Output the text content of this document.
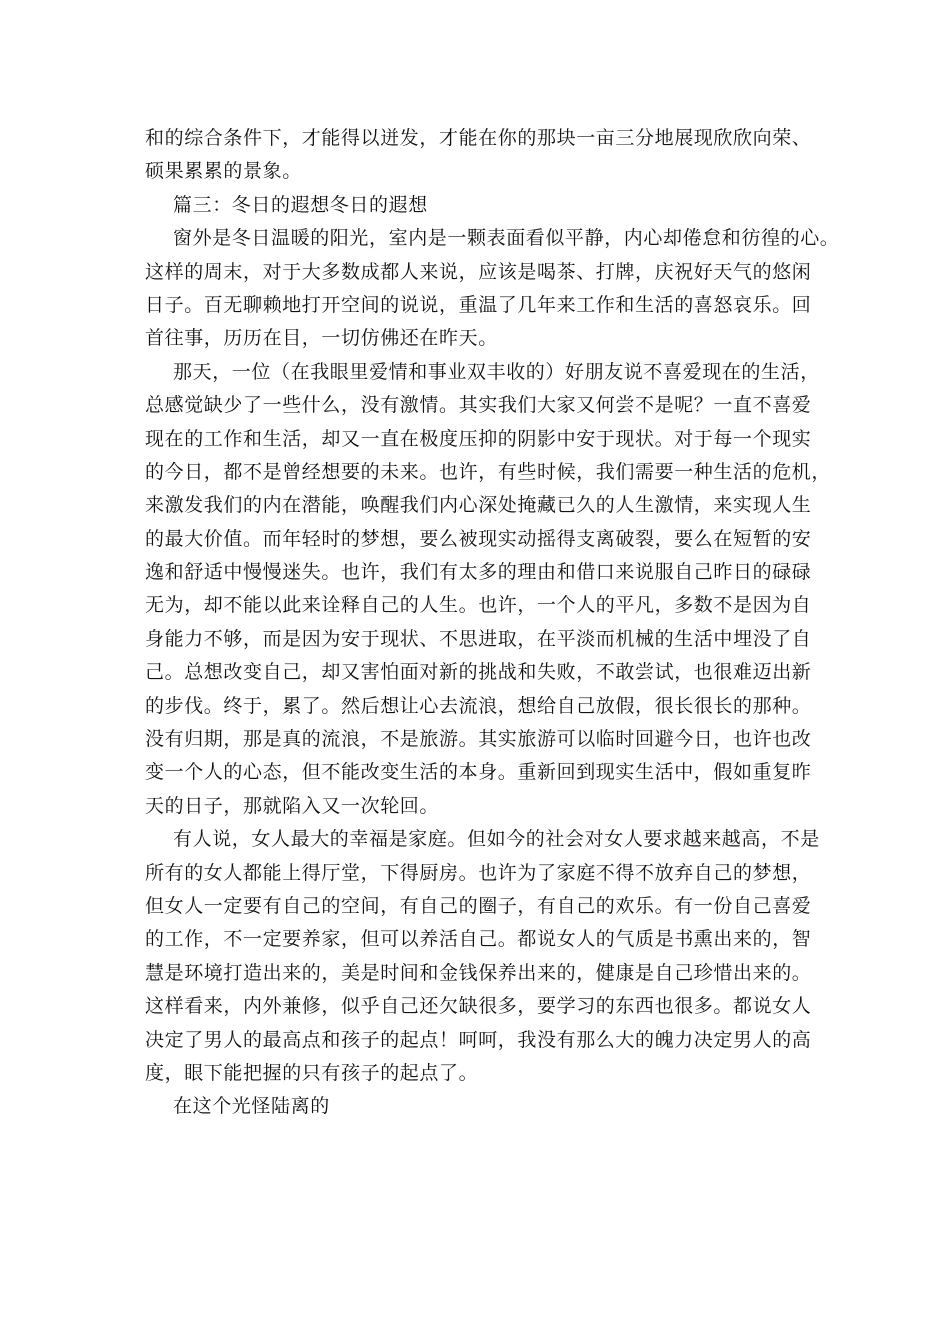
和的综合条件下，才能得以迸发，才能在你的那块一亩三分地展现欣欣向荣、
硕果累累的景象。
篇三：冬日的遐想冬日的遐想
窗外是冬日温暖的阳光，室内是一颗表面看似平静，内心却倦怠和彷徨的心。
这样的周末，对于大多数成都人来说，应该是喝茶、打牌，庆祝好天气的悠闲
日子。百无聊赖地打开空间的说说，重温了几年来工作和生活的喜怒哀乐。回
首往事，历历在目，一切仿佛还在昨天。
那天，一位（在我眼里爱情和事业双丰收的）好朋友说不喜爱现在的生活，
总感觉缺少了一些什么，没有激情。其实我们大家又何尝不是呢？一直不喜爱
现在的工作和生活，却又一直在极度压抑的阴影中安于现状。对于每一个现实
的今日，都不是曾经想要的未来。也许，有些时候，我们需要一种生活的危机，
来激发我们的内在潜能，唤醒我们内心深处掩藏已久的人生激情，来实现人生
的最大价值。而年轻时的梦想，要么被现实动摇得支离破裂，要么在短暂的安
逸和舒适中慢慢迷失。也许，我们有太多的理由和借口来说服自己昨日的碌碌
无为，却不能以此来诠释自己的人生。也许，一个人的平凡，多数不是因为自
身能力不够，而是因为安于现状、不思进取，在平淡而机械的生活中埋没了自
己。总想改变自己，却又害怕面对新的挑战和失败，不敢尝试，也很难迈出新
的步伐。终于，累了。然后想让心去流浪，想给自己放假，很长很长的那种。
没有归期，那是真的流浪，不是旅游。其实旅游可以临时回避今日，也许也改
变一个人的心态，但不能改变生活的本身。重新回到现实生活中，假如重复昨
天的日子，那就陷入又一次轮回。
有人说，女人最大的幸福是家庭。但如今的社会对女人要求越来越高，不是
所有的女人都能上得厅堂，下得厨房。也许为了家庭不得不放弃自己的梦想，
但女人一定要有自己的空间，有自己的圈子，有自己的欢乐。有一份自己喜爱
的工作，不一定要养家，但可以养活自己。都说女人的气质是书熏出来的，智
慧是环境打造出来的，美是时间和金钱保养出来的，健康是自己珍惜出来的。
这样看来，内外兼修，似乎自己还欠缺很多，要学习的东西也很多。都说女人
决定了男人的最高点和孩子的起点！呵呵，我没有那么大的魄力决定男人的高
度，眼下能把握的只有孩子的起点了。
在这个光怪陆离的
